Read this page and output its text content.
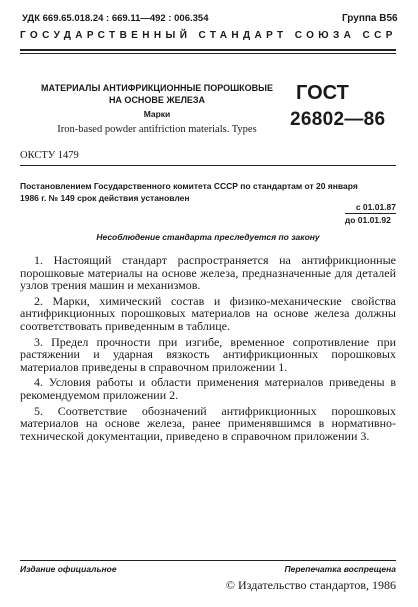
УДК 669.65.018.24 : 669.11—492 : 006.354	Группа В56
ГОСУДАРСТВЕННЫЙ СТАНДАРТ СОЮЗА ССР
МАТЕРИАЛЫ АНТИФРИКЦИОННЫЕ ПОРОШКОВЫЕ
НА ОСНОВЕ ЖЕЛЕЗА
Марки
Iron-based powder antifriction materials. Types
ГОСТ
26802—86
ОКСТУ 1479
Постановлением Государственного комитета СССР по стандартам от 20 января
1986 г. № 149 срок действия установлен
с 01.01.87
до 01.01.92
Несоблюдение стандарта преследуется по закону

1. Настоящий стандарт распространяется на антифрикционные порошковые материалы на основе железа, предназначенные для деталей узлов трения машин и механизмов.

2. Марки, химический состав и физико-механические свойства антифрикционных порошковых материалов на основе железа должны соответствовать приведенным в таблице.

3. Предел прочности при изгибе, временное сопротивление при растяжении и ударная вязкость антифрикционных порошковых материалов приведены в справочном приложении 1.

4. Условия работы и области применения материалов приведены в рекомендуемом приложении 2.

5. Соответствие обозначений антифрикционных порошковых материалов на основе железа, ранее применявшимся в нормативно-технической документации, приведено в справочном приложении 3.

Издание официальное	Перепечатка воспрещена
© Издательство стандартов, 1986
